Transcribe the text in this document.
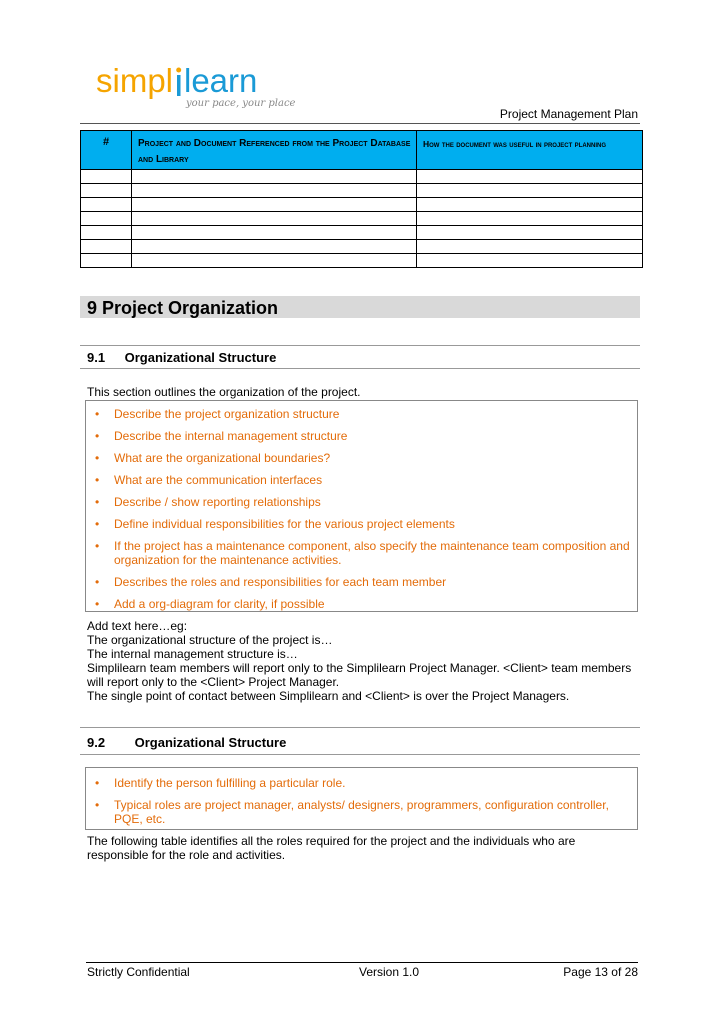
simpl learn
your pace, your place
Project Management Plan
#	Project and Document Referenced from the Project Database and Library	How the document was useful in project planning

9 Project Organization
9.1 Organizational Structure
This section outlines the organization of the project.
• Describe the project organization structure
• Describe the internal management structure
• What are the organizational boundaries?
• What are the communication interfaces
• Describe / show reporting relationships
• Define individual responsibilities for the various project elements
• If the project has a maintenance component, also specify the maintenance team composition and organization for the maintenance activities.
• Describes the roles and responsibilities for each team member
• Add a org-diagram for clarity, if possible
Add text here…eg:
The organizational structure of the project is…
The internal management structure is…
Simplilearn team members will report only to the Simplilearn Project Manager. <Client> team members will report only to the <Client> Project Manager.
The single point of contact between Simplilearn and <Client> is over the Project Managers.
9.2 Organizational Structure
• Identify the person fulfilling a particular role.
• Typical roles are project manager, analysts/ designers, programmers, configuration controller, PQE, etc.
The following table identifies all the roles required for the project and the individuals who are responsible for the role and activities.
Strictly Confidential	Version 1.0	Page 13 of 28
